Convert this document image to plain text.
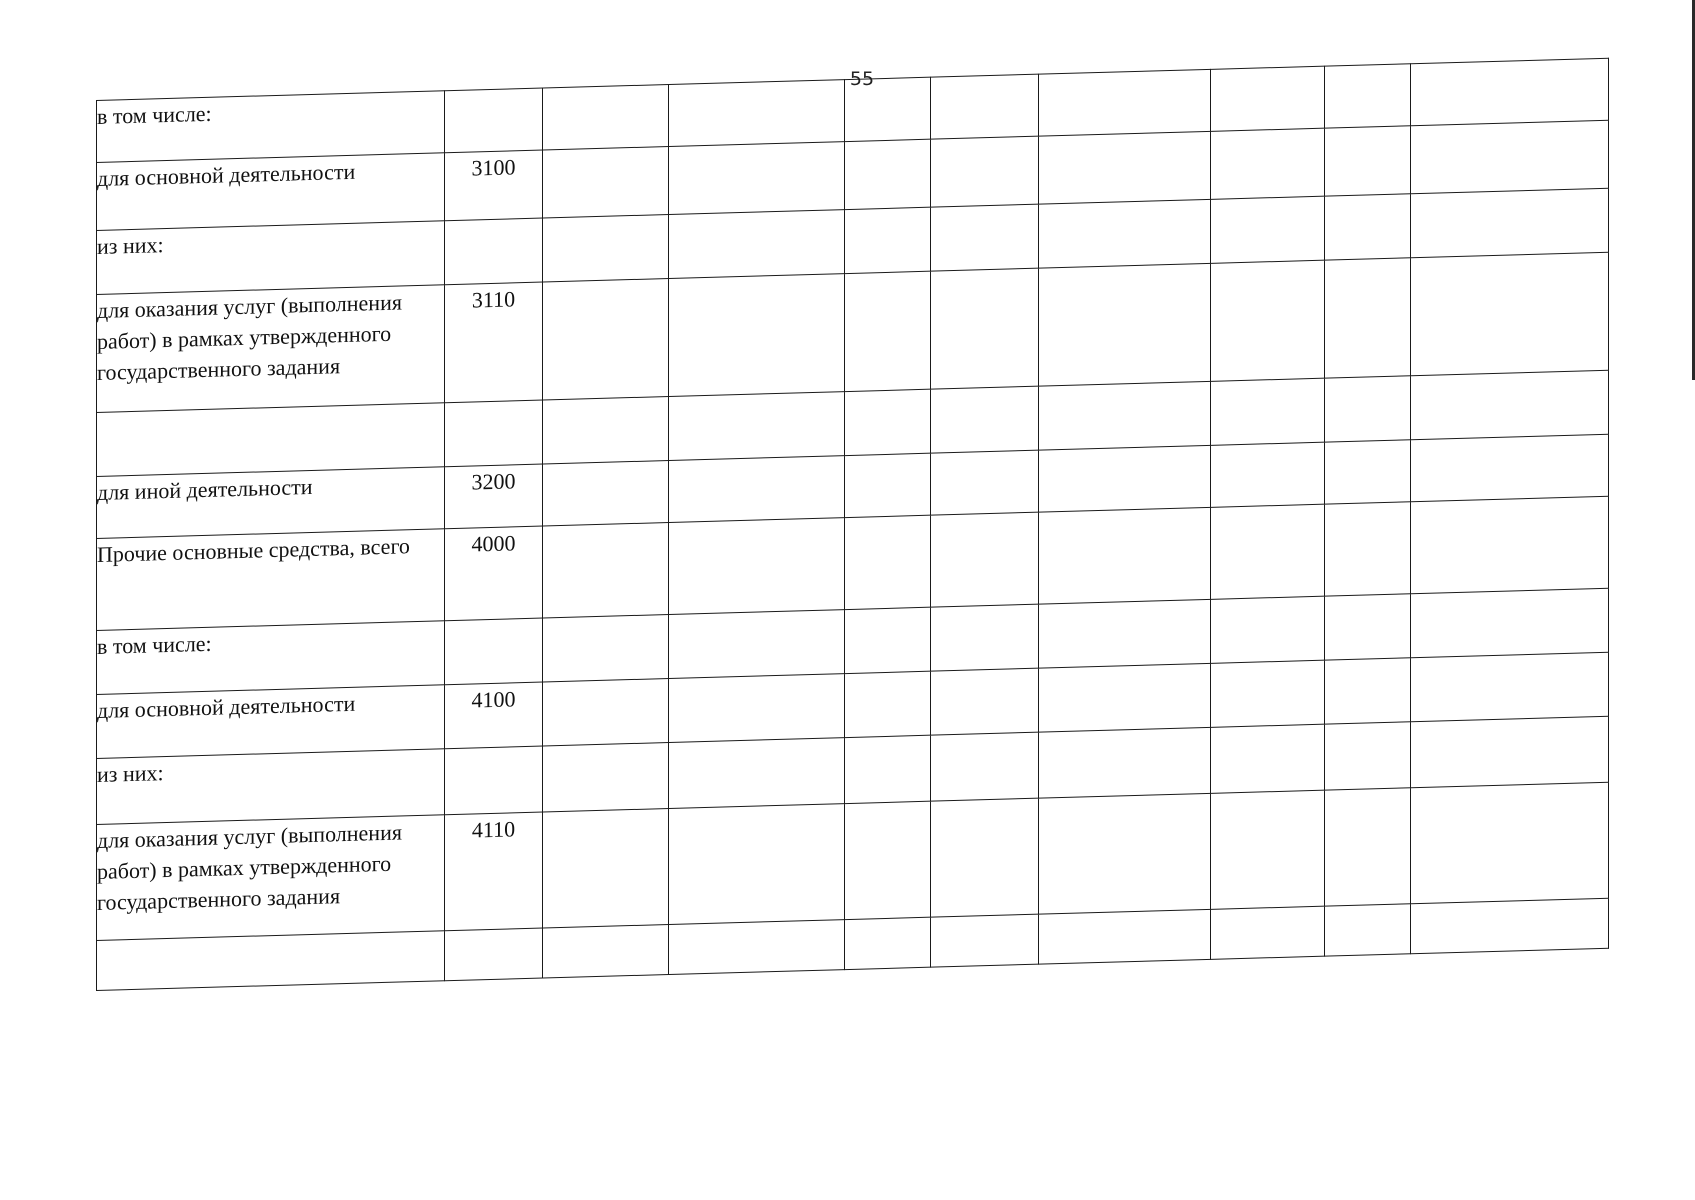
55
в том числе:									
для основной деятельности	3100								
из них:									
для оказания услуг (выполнения работ) в рамках утвержденного государственного задания	3110								

для иной деятельности	3200								
Прочие основные средства, всего	4000								
в том числе:									
для основной деятельности	4100								
из них:									
для оказания услуг (выполнения работ) в рамках утвержденного государственного задания	4110								
